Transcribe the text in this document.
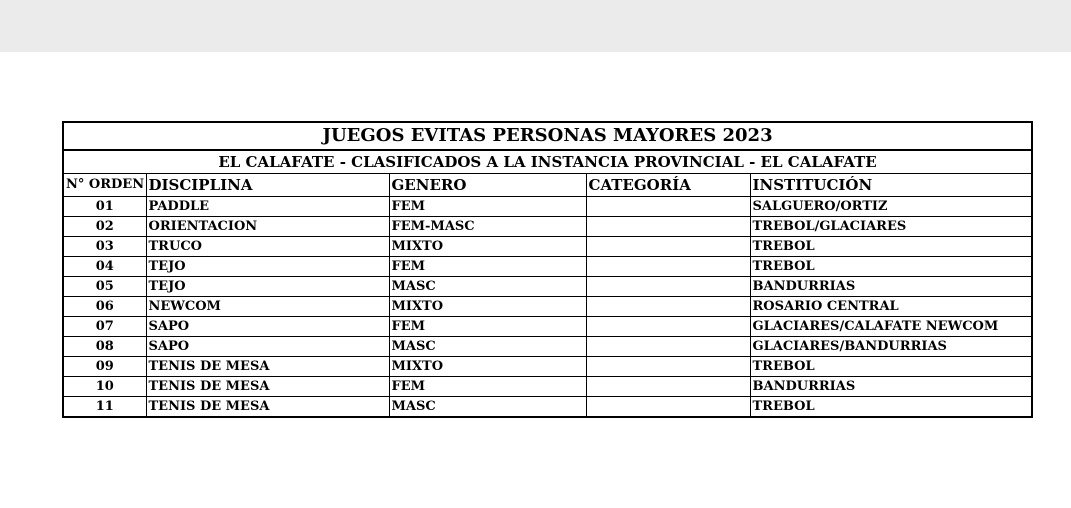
JUEGOS EVITAS PERSONAS MAYORES 2023				
EL CALAFATE - CLASIFICADOS A LA INSTANCIA PROVINCIAL - EL CALAFATE				
N° ORDEN	DISCIPLINA	GENERO	CATEGORÍA	INSTITUCIÓN
01	PADDLE	FEM		SALGUERO/ORTIZ
02	ORIENTACION	FEM-MASC		TREBOL/GLACIARES
03	TRUCO	MIXTO		TREBOL
04	TEJO	FEM		TREBOL
05	TEJO	MASC		BANDURRIAS
06	NEWCOM	MIXTO		ROSARIO CENTRAL
07	SAPO	FEM		GLACIARES/CALAFATE NEWCOM
08	SAPO	MASC		GLACIARES/BANDURRIAS
09	TENIS DE MESA	MIXTO		TREBOL
10	TENIS DE MESA	FEM		BANDURRIAS
11	TENIS DE MESA	MASC		TREBOL
